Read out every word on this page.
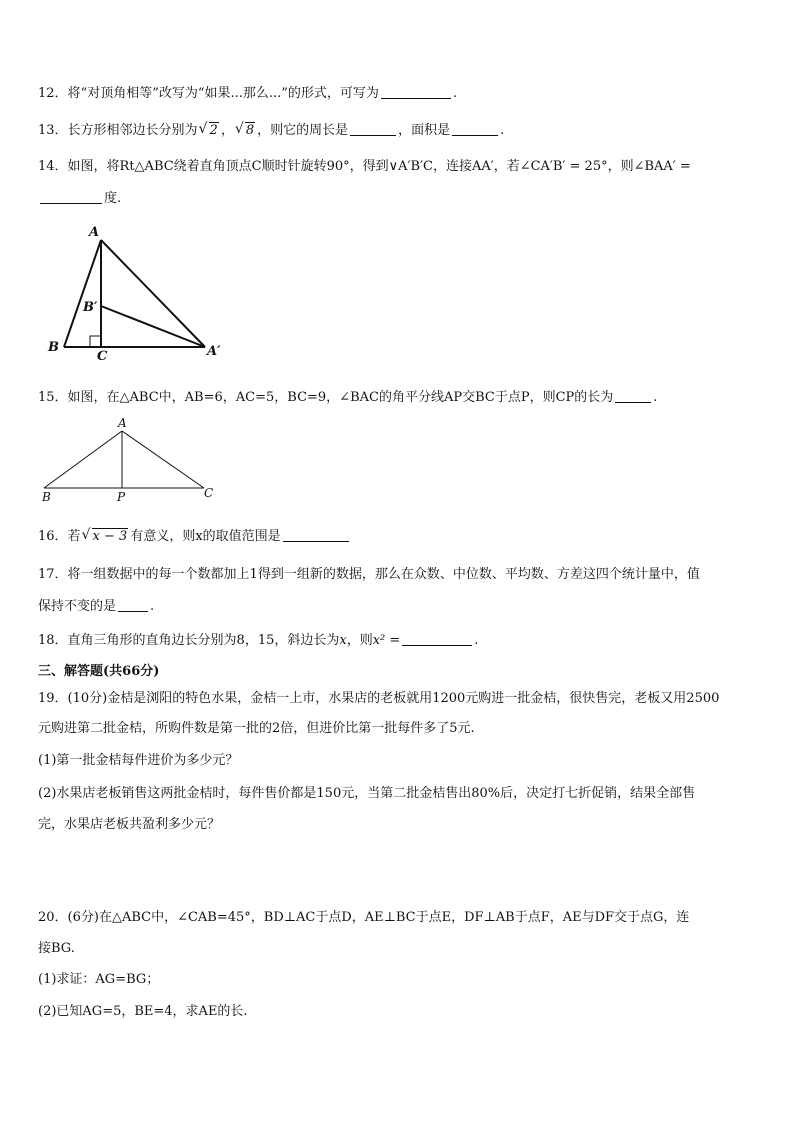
12．将“对顶角相等”改写为“如果...那么...”的形式，可写为	.
13．长方形相邻边长分别为 √ 2 ， √ 8 ，则它的周长是	，面积是	.
14．如图，将Rt△ABC绕着直角顶点C顺时针旋转90°，得到∨A′B′C，连接AA′，若∠CA′B′ = 25°，则∠BAA′ =
度.
A
B′
B
C	A′
15．如图，在△ABC中，AB=6，AC=5，BC=9，∠BAC的角平分线AP交BC于点P，则CP的长为	.
A
B	P	C
16．若 √ x − 3 有意义，则x的取值范围是
17．将一组数据中的每一个数都加上1得到一组新的数据，那么在众数、中位数、平均数、方差这四个统计量中，值
保持不变的是	.
18．直角三角形的直角边长分别为8，15，斜边长为x，则x² =	.
三、解答题(共66分)
19．(10分)金桔是浏阳的特色水果，金桔一上市，水果店的老板就用1200元购进一批金桔，很快售完，老板又用2500
元购进第二批金桔，所购件数是第一批的2倍，但进价比第一批每件多了5元.
(1)第一批金桔每件进价为多少元？
(2)水果店老板销售这两批金桔时，每件售价都是150元，当第二批金桔售出80%后，决定打七折促销，结果全部售
完，水果店老板共盈利多少元？
20．(6分)在△ABC中，∠CAB=45°，BD⊥AC于点D，AE⊥BC于点E，DF⊥AB于点F，AE与DF交于点G，连
接BG.
(1)求证：AG=BG；
(2)已知AG=5，BE=4，求AE的长.
